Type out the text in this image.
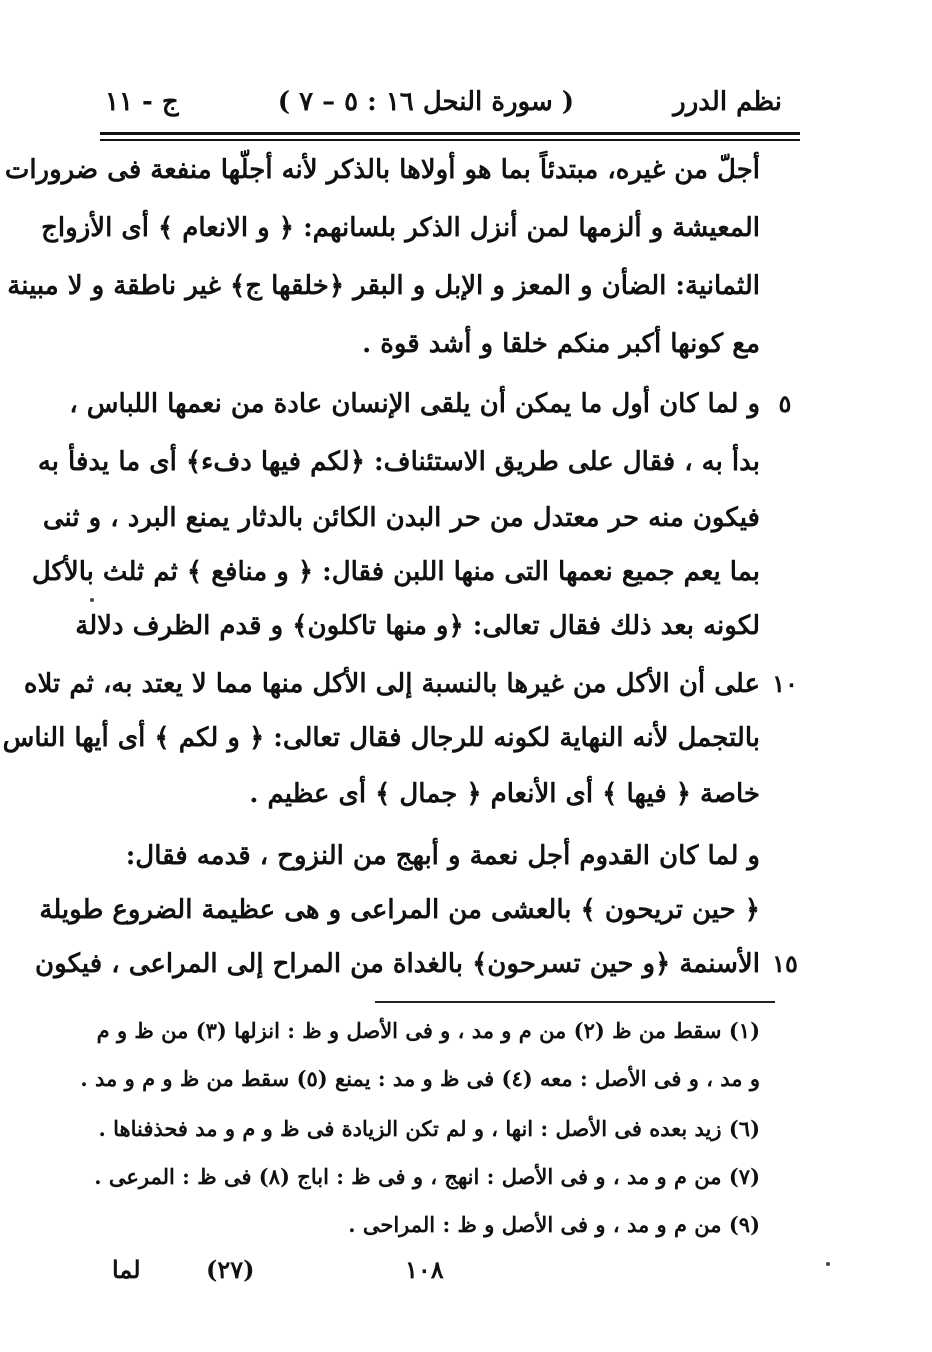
نظم الدرر
( سورة النحل ١٦ : ٥ – ٧ )
ج - ١١
أجلّ من غيره، مبتدئاً بما هو أولاها بالذكر لأنه أجلّها منفعة فى ضرورات
المعيشة و ألزمها لمن أنزل الذكر بلسانهم: ﴿ و الانعام ﴾ أى الأزواج
الثمانية: الضأن و المعز و الإبل و البقر ﴿خلقها ج﴾ غير ناطقة و لا مبينة
مع كونها أكبر منكم خلقا و أشد قوة .
و لما كان أول ما يمكن أن يلقى الإنسان عادة من نعمها اللباس ،
بدأ به ، فقال على طريق الاستئناف: ﴿لكم فيها دفء﴾ أى ما يدفأ به
فيكون منه حر معتدل من حر البدن الكائن بالدثار يمنع البرد ، و ثنى
بما يعم جميع نعمها التى منها اللبن فقال: ﴿ و منافع ﴾ ثم ثلث بالأكل
لكونه بعد ذلك فقال تعالى: ﴿و منها تاكلون﴾ و قدم الظرف دلالة
على أن الأكل من غيرها بالنسبة إلى الأكل منها مما لا يعتد به، ثم تلاه
بالتجمل لأنه النهاية لكونه للرجال فقال تعالى: ﴿ و لكم ﴾ أى أيها الناس
خاصة ﴿ فيها ﴾ أى الأنعام ﴿ جمال ﴾ أى عظيم .
و لما كان القدوم أجل نعمة و أبهج من النزوح ، قدمه فقال:
﴿ حين تريحون ﴾ بالعشى من المراعى و هى عظيمة الضروع طويلة
الأسنمة ﴿و حين تسرحون﴾ بالغداة من المراح إلى المراعى ، فيكون
٥
١٠
١٥
(١) سقط من ظ (٢) من م و مد ، و فى الأصل و ظ : انزلها (٣) من ظ و م
و مد ، و فى الأصل : معه (٤) فى ظ و مد : يمنع (٥) سقط من ظ و م و مد .
(٦) زيد بعده فى الأصل : انها ، و لم تكن الزيادة فى ظ و م و مد فحذفناها .
(٧) من م و مد ، و فى الأصل : انهج ، و فى ظ : اباج (٨) فى ظ : المرعى .
(٩) من م و مد ، و فى الأصل و ظ : المراحى .
لما	(٢٧)	١٠٨
